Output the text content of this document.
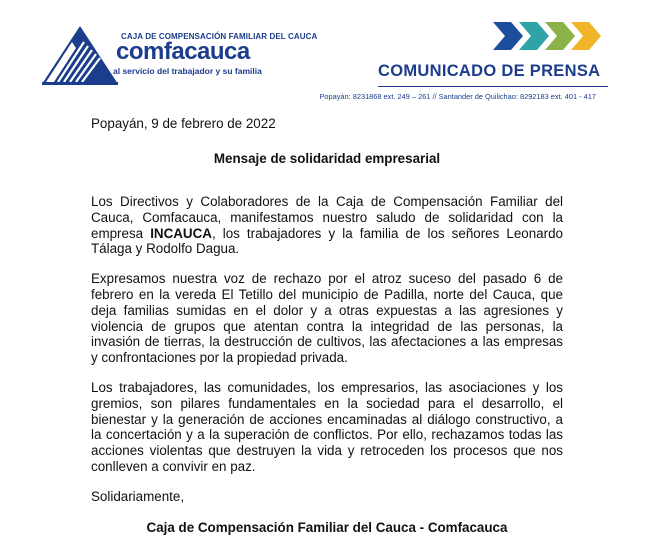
CAJA DE COMPENSACIÓN FAMILIAR DEL CAUCA
comfacauca
al servicio del trabajador y su familia	COMUNICADO DE PRENSA
Popayán: 8231868 ext. 249 – 261 // Santander de Quilichao: 8292183 ext. 401 - 417
Popayán, 9 de febrero de 2022
Mensaje de solidaridad empresarial

Los Directivos y Colaboradores de la Caja de Compensación Familiar del Cauca, Comfacauca, manifestamos nuestro saludo de solidaridad con la empresa INCAUCA, los trabajadores y la familia de los señores Leonardo Tálaga y Rodolfo Dagua.

Expresamos nuestra voz de rechazo por el atroz suceso del pasado 6 de febrero en la vereda El Tetillo del municipio de Padilla, norte del Cauca, que deja familias sumidas en el dolor y a otras expuestas a las agresiones y violencia de grupos que atentan contra la integridad de las personas, la invasión de tierras, la destrucción de cultivos, las afectaciones a las empresas y confrontaciones por la propiedad privada.

Los trabajadores, las comunidades, los empresarios, las asociaciones y los gremios, son pilares fundamentales en la sociedad para el desarrollo, el bienestar y la generación de acciones encaminadas al diálogo constructivo, a la concertación y a la superación de conflictos. Por ello, rechazamos todas las acciones violentas que destruyen la vida y retroceden los procesos que nos conlleven a convivir en paz.

Solidariamente,
Caja de Compensación Familiar del Cauca - Comfacauca
